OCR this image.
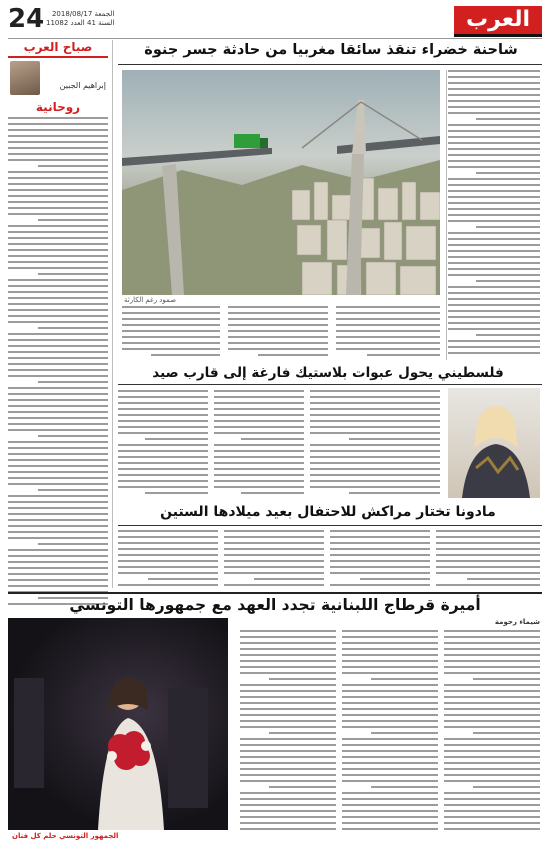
العرب
24	الجمعة 2018/08/17
السنة 41 العدد 11082
صباح العرب
إبراهيم الجبين
روحانية
شاحنة خضراء تنقذ سائقا مغربيا من حادثة جسر جنوة
صمود رغم الكارثة
فلسطيني يحول عبوات بلاستيك فارغة إلى قارب صيد
مادونا تختار مراكش للاحتفال بعيد ميلادها الستين
أميرة قرطاج اللبنانية تجدد العهد مع جمهورها التونسي
شيماء رحومة
الجمهور التونسي حلم كل فنان
